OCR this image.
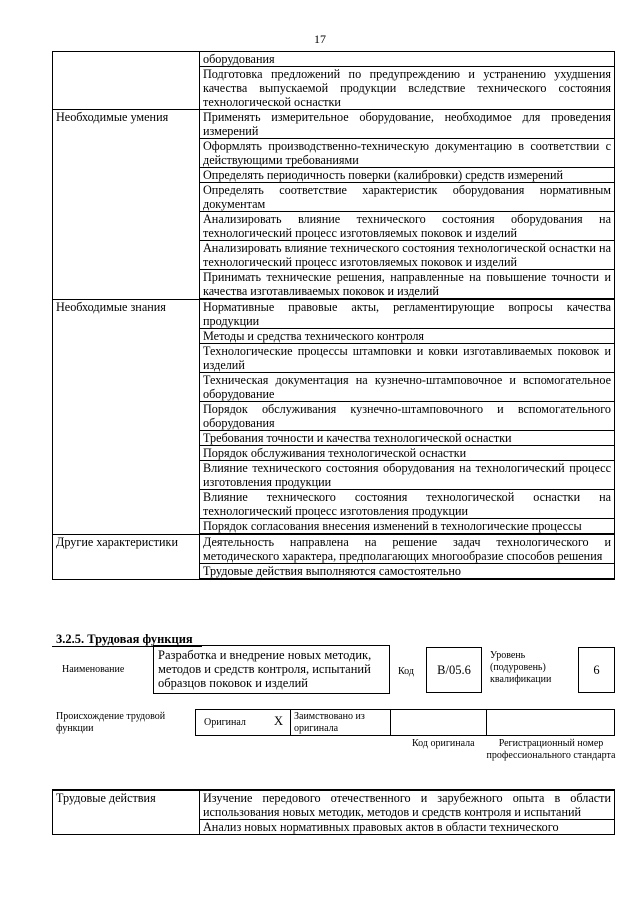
17
	оборудования
	Подготовка предложений по предупреждению и устранению ухудшения качества выпускаемой продукции вследствие технического состояния технологической оснастки
Необходимые умения	Применять измерительное оборудование, необходимое для проведения измерений
	Оформлять производственно-техническую документацию в соответствии с действующими требованиями
	Определять периодичность поверки (калибровки) средств измерений
	Определять соответствие характеристик оборудования нормативным документам
	Анализировать влияние технического состояния оборудования на технологический процесс изготовляемых поковок и изделий
	Анализировать влияние технического состояния технологической оснастки на технологический процесс изготовляемых поковок и изделий
	Принимать технические решения, направленные на повышение точности и качества изготавливаемых поковок и изделий
Необходимые знания	Нормативные правовые акты, регламентирующие вопросы качества продукции
	Методы и средства технического контроля
	Технологические процессы штамповки и ковки изготавливаемых поковок и изделий
	Техническая документация на кузнечно-штамповочное и вспомогательное оборудование
	Порядок обслуживания кузнечно-штамповочного и вспомогательного оборудования
	Требования точности и качества технологической оснастки
	Порядок обслуживания технологической оснастки
	Влияние технического состояния оборудования на технологический процесс изготовления продукции
	Влияние технического состояния технологической оснастки на технологический процесс изготовления продукции
	Порядок согласования внесения изменений в технологические процессы
Другие характеристики	Деятельность направлена на решение задач технологического и методического характера, предполагающих многообразие способов решения
	Трудовые действия выполняются самостоятельно
3.2.5. Трудовая функция
Наименование
Разработка и внедрение новых методик, методов и средств контроля, испытаний образцов поковок и изделий
Код B/05.6
Уровень (подуровень) квалификации
6
Происхождение трудовой функции
Оригинал X Заимствовано из оригинала
Код оригинала	Регистрационный номер профессионального стандарта
Трудовые действия	Изучение передового отечественного и зарубежного опыта в области использования новых методик, методов и средств контроля и испытаний
Анализ новых нормативных правовых актов в области технического
